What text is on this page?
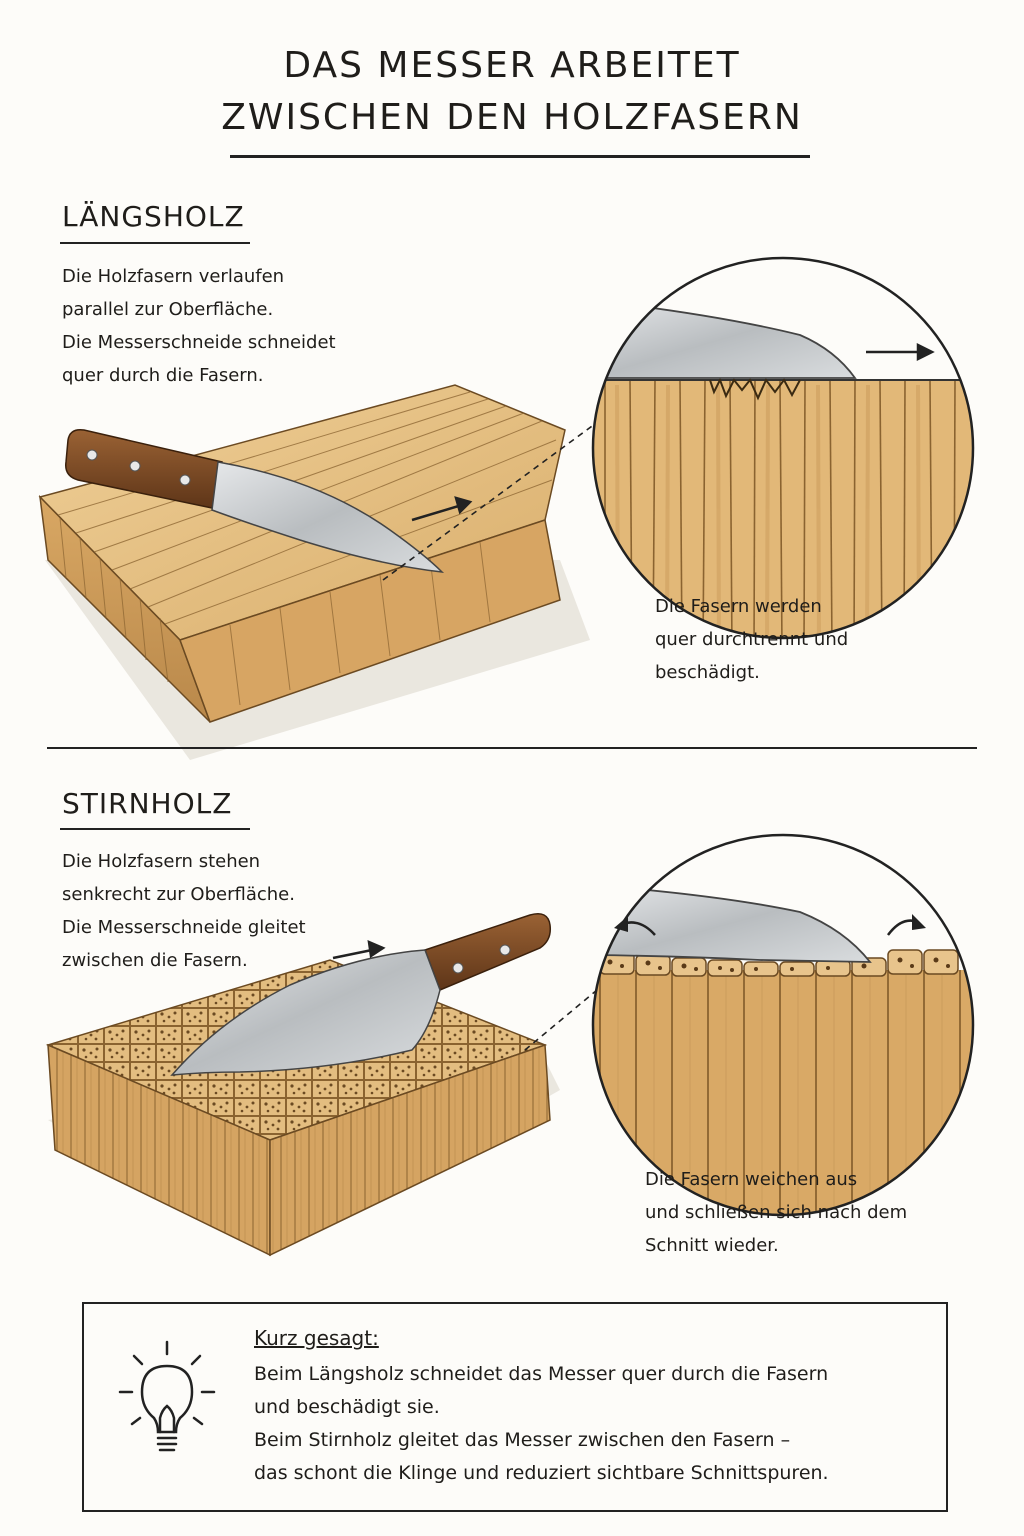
DAS MESSER ARBEITET
ZWISCHEN DEN HOLZFASERN
LÄNGSHOLZ
Die Holzfasern verlaufen
parallel zur Oberfläche.
Die Messerschneide schneidet
quer durch die Fasern.
Die Fasern werden
quer durchtrennt und
beschädigt.
STIRNHOLZ
Die Holzfasern stehen
senkrecht zur Oberfläche.
Die Messerschneide gleitet
zwischen die Fasern.
Die Fasern weichen aus
und schließen sich nach dem
Schnitt wieder.
Kurz gesagt:
Beim Längsholz schneidet das Messer quer durch die Fasern
und beschädigt sie.
Beim Stirnholz gleitet das Messer zwischen den Fasern –
das schont die Klinge und reduziert sichtbare Schnittspuren.
